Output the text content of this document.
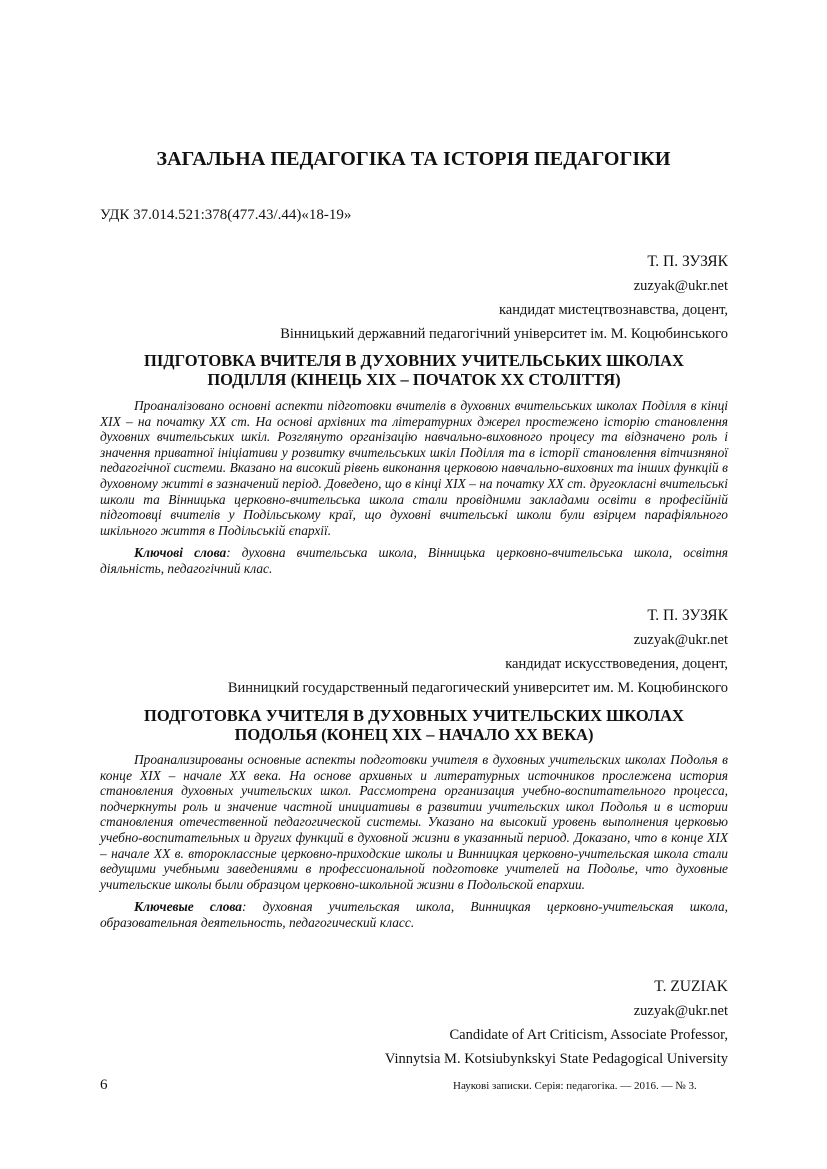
ЗАГАЛЬНА ПЕДАГОГІКА ТА ІСТОРІЯ ПЕДАГОГІКИ
УДК 37.014.521:378(477.43/.44)«18-19»
Т. П. ЗУЗЯК
zuzyak@ukr.net
кандидат мистецтвознавства, доцент,
Вінницький державний педагогічний університет ім. М. Коцюбинського
ПІДГОТОВКА ВЧИТЕЛЯ В ДУХОВНИХ УЧИТЕЛЬСЬКИХ ШКОЛАХ
ПОДІЛЛЯ (КІНЕЦЬ XIX – ПОЧАТОК XX СТОЛІТТЯ)

Проаналізовано основні аспекти підготовки вчителів в духовних вчительських школах Поділля в кінці XIX – на початку XX ст. На основі архівних та літературних джерел простежено історію становлення духовних вчительських шкіл. Розглянуто організацію навчально-виховного процесу та відзначено роль і значення приватної ініціативи у розвитку вчительських шкіл Поділля та в історії становлення вітчизняної педагогічної системи. Вказано на високий рівень виконання церковою навчально-виховних та інших функцій в духовному житті в зазначений період. Доведено, що в кінці XIX – на початку XX ст. другокласні вчительські школи та Вінницька церковно-вчительська школа стали провідними закладами освіти в професійній підготовці вчителів у Подільському краї, що духовні вчительські школи були взірцем парафіяльного шкільного життя в Подільській єпархії.

Ключові слова: духовна вчительська школа, Вінницька церковно-вчительська школа, освітня діяльність, педагогічний клас.

Т. П. ЗУЗЯК
zuzyak@ukr.net
кандидат искусствоведения, доцент,
Винницкий государственный педагогический университет им. М. Коцюбинского
ПОДГОТОВКА УЧИТЕЛЯ В ДУХОВНЫХ УЧИТЕЛЬСКИХ ШКОЛАХ
ПОДОЛЬЯ (КОНЕЦ XIX – НАЧАЛО XX ВЕКА)

Проанализированы основные аспекты подготовки учителя в духовных учительских школах Подолья в конце XIX – начале XX века. На основе архивных и литературных источников прослежена история становления духовных учительских школ. Рассмотрена организация учебно-воспитательного процесса, подчеркнуты роль и значение частной инициативы в развитии учительских школ Подолья и в истории становления отечественной педагогической системы. Указано на высокий уровень выполнения церковью учебно-воспитательных и других функций в духовной жизни в указанный период. Доказано, что в конце XIX – начале XX в. второклассные церковно-приходские школы и Винницкая церковно-учительская школа стали ведущими учебными заведениями в профессиональной подготовке учителей на Подолье, что духовные учительские школы были образцом церковно-школьной жизни в Подольской епархии.

Ключевые слова: духовная учительская школа, Винницкая церковно-учительская школа, образовательная деятельность, педагогический класс.

T. ZUZIAK
zuzyak@ukr.net
Candidate of Art Criticism, Associate Professor,
Vinnytsia M. Kotsiubynkskyi State Pedagogical University
6	Наукові записки. Серія: педагогіка. — 2016. — № 3.
